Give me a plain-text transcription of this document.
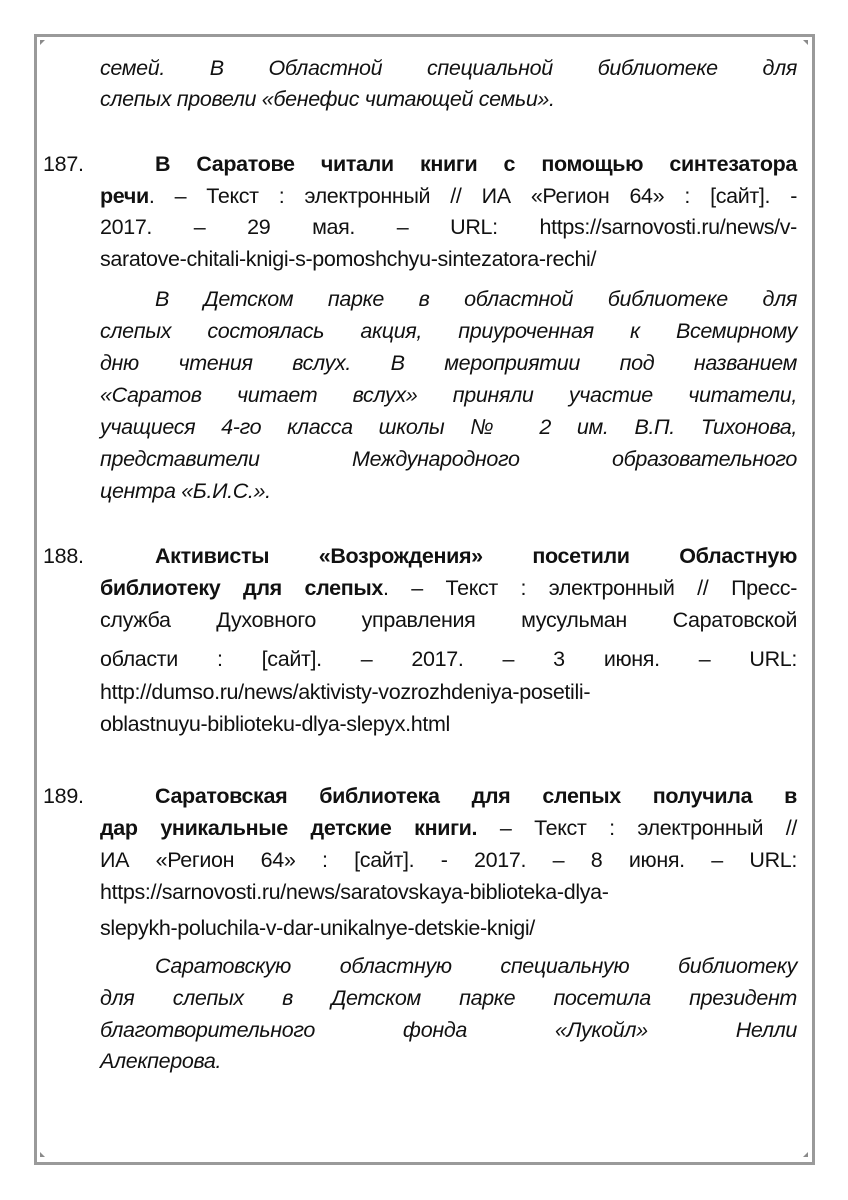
семей. В Областной специальной библиотеке для
слепых провели «бенефис читающей семьи».
187.	В Саратове читали книги с помощью синтезатора
речи. – Текст : электронный // ИА «Регион 64» : [сайт]. -
2017. – 29 мая. – URL: https://sarnovosti.ru/news/v-
saratove-chitali-knigi-s-pomoshchyu-sintezatora-rechi/
В Детском парке в областной библиотеке для
слепых состоялась акция, приуроченная к Всемирному
дню чтения вслух. В мероприятии под названием
«Саратов читает вслух» приняли участие читатели,
учащиеся 4-го класса школы № 2 им. В.П. Тихонова,
представители Международного образовательного
центра «Б.И.С.».
188.	Активисты «Возрождения» посетили Областную
библиотеку для слепых. – Текст : электронный // Пресс-
служба Духовного управления мусульман Саратовской
области : [сайт]. – 2017. – 3 июня. – URL:
http://dumso.ru/news/aktivisty-vozrozhdeniya-posetili-
oblastnuyu-biblioteku-dlya-slepyx.html
189.	Саратовская библиотека для слепых получила в
дар уникальные детские книги. – Текст : электронный //
ИА «Регион 64» : [сайт]. - 2017. – 8 июня. – URL:
https://sarnovosti.ru/news/saratovskaya-biblioteka-dlya-
slepykh-poluchila-v-dar-unikalnye-detskie-knigi/
Саратовскую областную специальную библиотеку
для слепых в Детском парке посетила президент
благотворительного фонда «Лукойл» Нелли
Алекперова.
